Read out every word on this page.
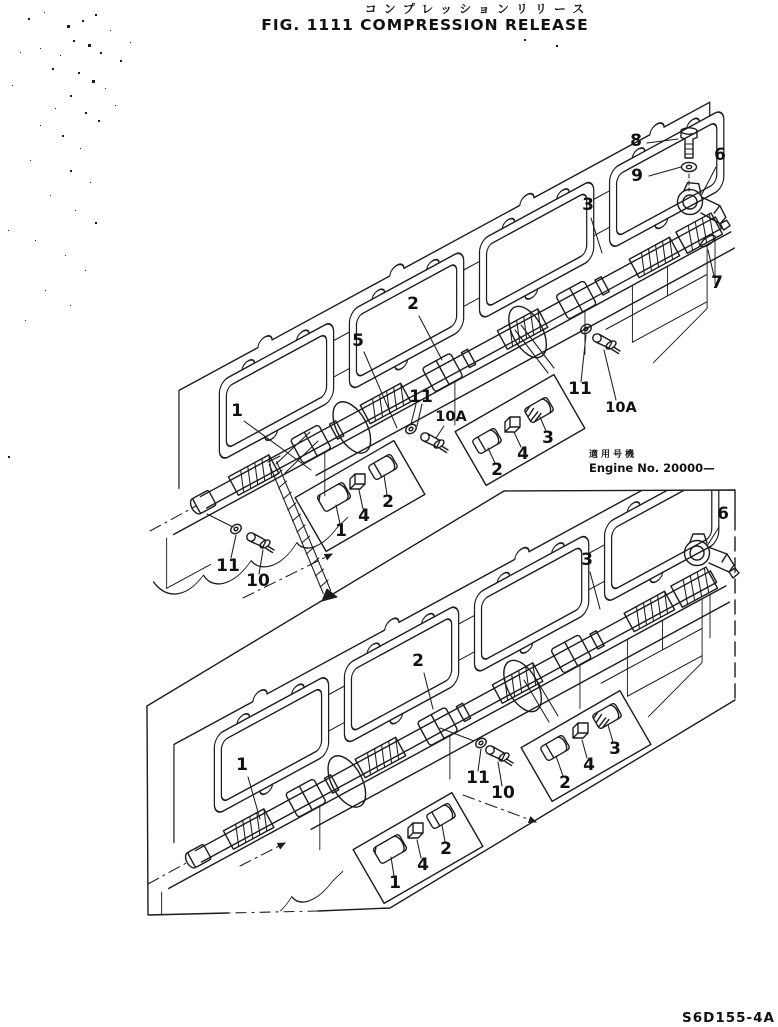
コンプレッションリリース
FIG. 1111 COMPRESSION RELEASE
適用号機
Engine No. 20000—
S6D155-4A
1
5
2
3
8
9
6
7
11
10A
11
10A
11
10
1
4
2
2
4
3
6
3
2
1
11
10	2
4
3
1
4
2
